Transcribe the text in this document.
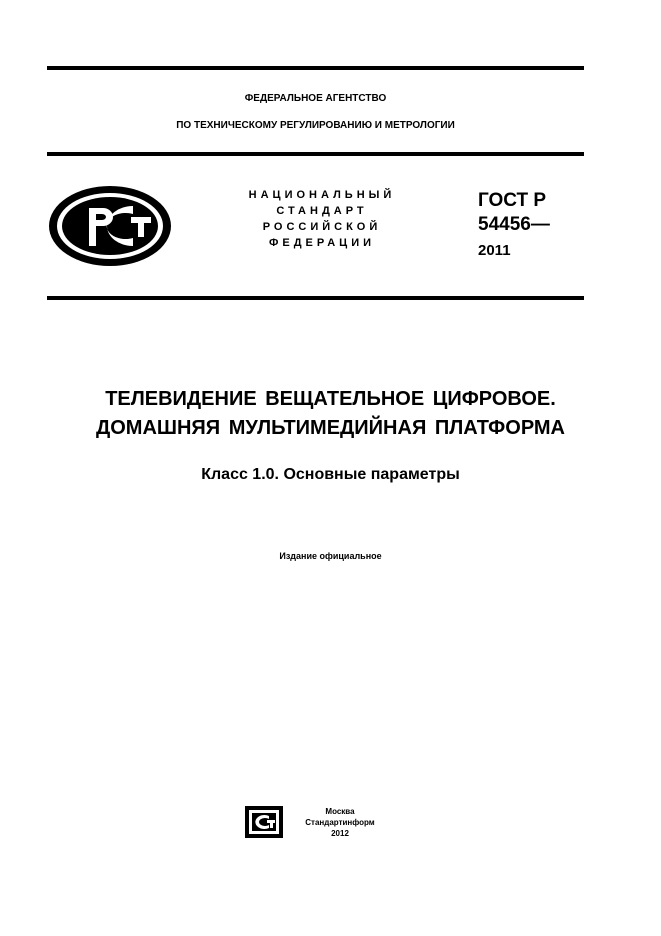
ФЕДЕРАЛЬНОЕ АГЕНТСТВО
ПО ТЕХНИЧЕСКОМУ РЕГУЛИРОВАНИЮ И МЕТРОЛОГИИ
НАЦИОНАЛЬНЫЙ
СТАНДАРТ
РОССИЙСКОЙ
ФЕДЕРАЦИИ
ГОСТ Р
54456—
2011
ТЕЛЕВИДЕНИЕ ВЕЩАТЕЛЬНОЕ ЦИФРОВОЕ.
ДОМАШНЯЯ МУЛЬТИМЕДИЙНАЯ ПЛАТФОРМА
Класс 1.0. Основные параметры
Издание официальное
Москва
Стандартинформ
2012
